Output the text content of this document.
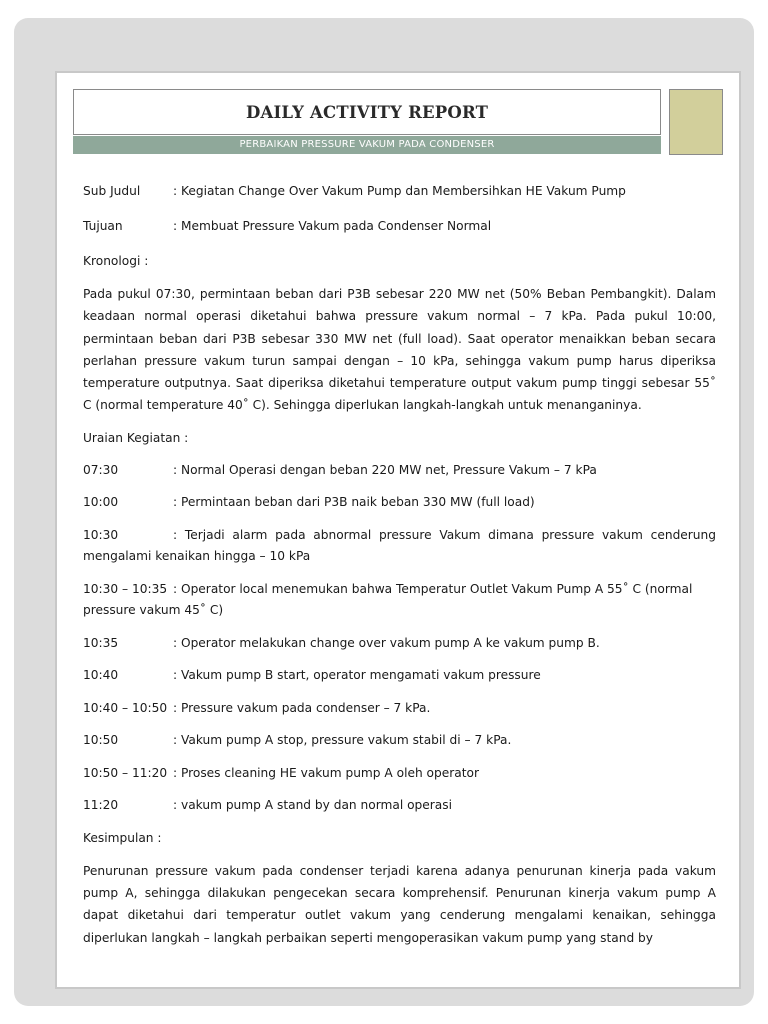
DAILY ACTIVITY REPORT
PERBAIKAN PRESSURE VAKUM PADA CONDENSER
Sub Judul	: Kegiatan Change Over Vakum Pump dan Membersihkan HE Vakum Pump
Tujuan	: Membuat Pressure Vakum pada Condenser Normal
Kronologi :
Pada pukul 07:30, permintaan beban dari P3B sebesar 220 MW net (50% Beban Pembangkit). Dalam keadaan normal operasi diketahui bahwa pressure vakum normal – 7 kPa. Pada pukul 10:00, permintaan beban dari P3B sebesar 330 MW net (full load). Saat operator menaikkan beban secara perlahan pressure vakum turun sampai dengan – 10 kPa, sehingga vakum pump harus diperiksa temperature outputnya. Saat diperiksa diketahui temperature output vakum pump tinggi sebesar 55˚ C (normal temperature 40˚ C). Sehingga diperlukan langkah-langkah untuk menanganinya.
Uraian Kegiatan :
07:30	: Normal Operasi dengan beban 220 MW net, Pressure Vakum – 7 kPa
10:00	: Permintaan beban dari P3B naik beban 330 MW (full load)
10:30	: Terjadi alarm pada abnormal pressure Vakum dimana pressure vakum cenderung mengalami kenaikan hingga – 10 kPa
10:30 – 10:35 : Operator local menemukan bahwa Temperatur Outlet Vakum Pump A 55˚ C (normal pressure vakum 45˚ C)
10:35	: Operator melakukan change over vakum pump A ke vakum pump B.
10:40	: Vakum pump B start, operator mengamati vakum pressure
10:40 – 10:50 : Pressure vakum pada condenser – 7 kPa.
10:50	: Vakum pump A stop, pressure vakum stabil di – 7 kPa.
10:50 – 11:20 : Proses cleaning HE vakum pump A oleh operator
11:20	: vakum pump A stand by dan normal operasi
Kesimpulan :
Penurunan pressure vakum pada condenser terjadi karena adanya penurunan kinerja pada vakum pump A, sehingga dilakukan pengecekan secara komprehensif. Penurunan kinerja vakum pump A dapat diketahui dari temperatur outlet vakum yang cenderung mengalami kenaikan, sehingga diperlukan langkah – langkah perbaikan seperti mengoperasikan vakum pump yang stand by
